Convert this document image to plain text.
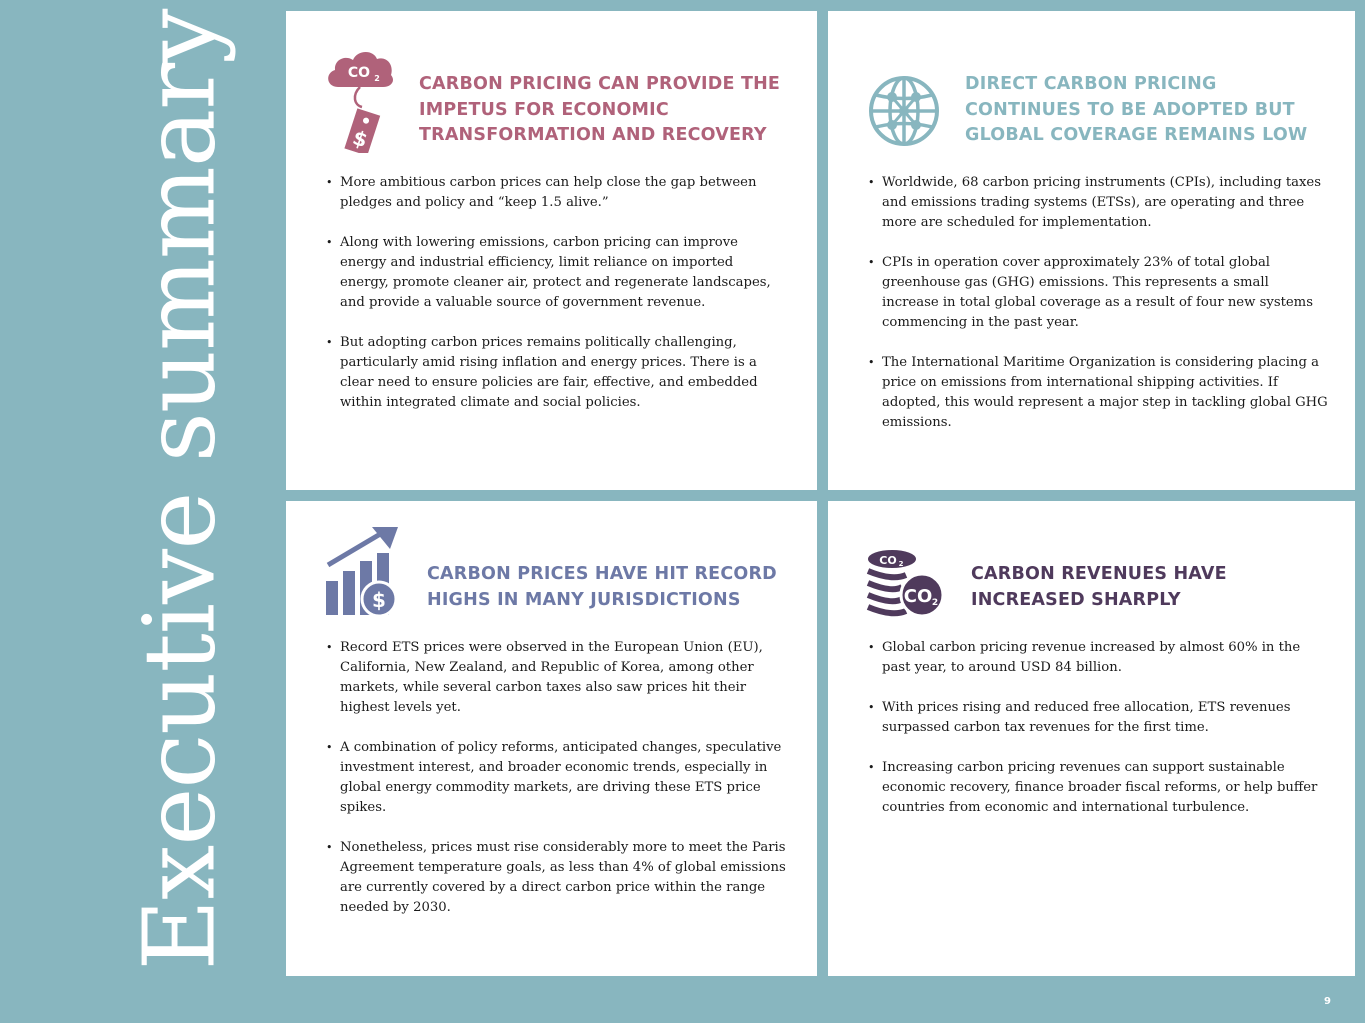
Executive summary	CO 2
$
CARBON PRICING CAN PROVIDE THE IMPETUS FOR ECONOMIC TRANSFORMATION AND RECOVERY
• More ambitious carbon prices can help close the gap between pledges and policy and “keep 1.5 alive.”
• Along with lowering emissions, carbon pricing can improve energy and industrial efficiency, limit reliance on imported energy, promote cleaner air, protect and regenerate landscapes, and provide a valuable source of government revenue.
• But adopting carbon prices remains politically challenging, particularly amid rising inflation and energy prices. There is a clear need to ensure policies are fair, effective, and embedded within integrated climate and social policies.
DIRECT CARBON PRICING CONTINUES TO BE ADOPTED BUT GLOBAL COVERAGE REMAINS LOW
• Worldwide, 68 carbon pricing instruments (CPIs), including taxes and emissions trading systems (ETSs), are operating and three more are scheduled for implementation.
• CPIs in operation cover approximately 23% of total global greenhouse gas (GHG) emissions. This represents a small increase in total global coverage as a result of four new systems commencing in the past year.
• The International Maritime Organization is considering placing a price on emissions from international shipping activities. If adopted, this would represent a major step in tackling global GHG emissions.
$
CARBON PRICES HAVE HIT RECORD HIGHS IN MANY JURISDICTIONS
• Record ETS prices were observed in the European Union (EU), California, New Zealand, and Republic of Korea, among other markets, while several carbon taxes also saw prices hit their highest levels yet.
• A combination of policy reforms, anticipated changes, speculative investment interest, and broader economic trends, especially in global energy commodity markets, are driving these ETS price spikes.
• Nonetheless, prices must rise considerably more to meet the Paris Agreement temperature goals, as less than 4% of global emissions are currently covered by a direct carbon price within the range needed by 2030.
CO 2
CO 2
CARBON REVENUES HAVE INCREASED SHARPLY
• Global carbon pricing revenue increased by almost 60% in the past year, to around USD 84 billion.
• With prices rising and reduced free allocation, ETS revenues surpassed carbon tax revenues for the first time.
• Increasing carbon pricing revenues can support sustainable economic recovery, finance broader fiscal reforms, or help buffer countries from economic and international turbulence.
9
